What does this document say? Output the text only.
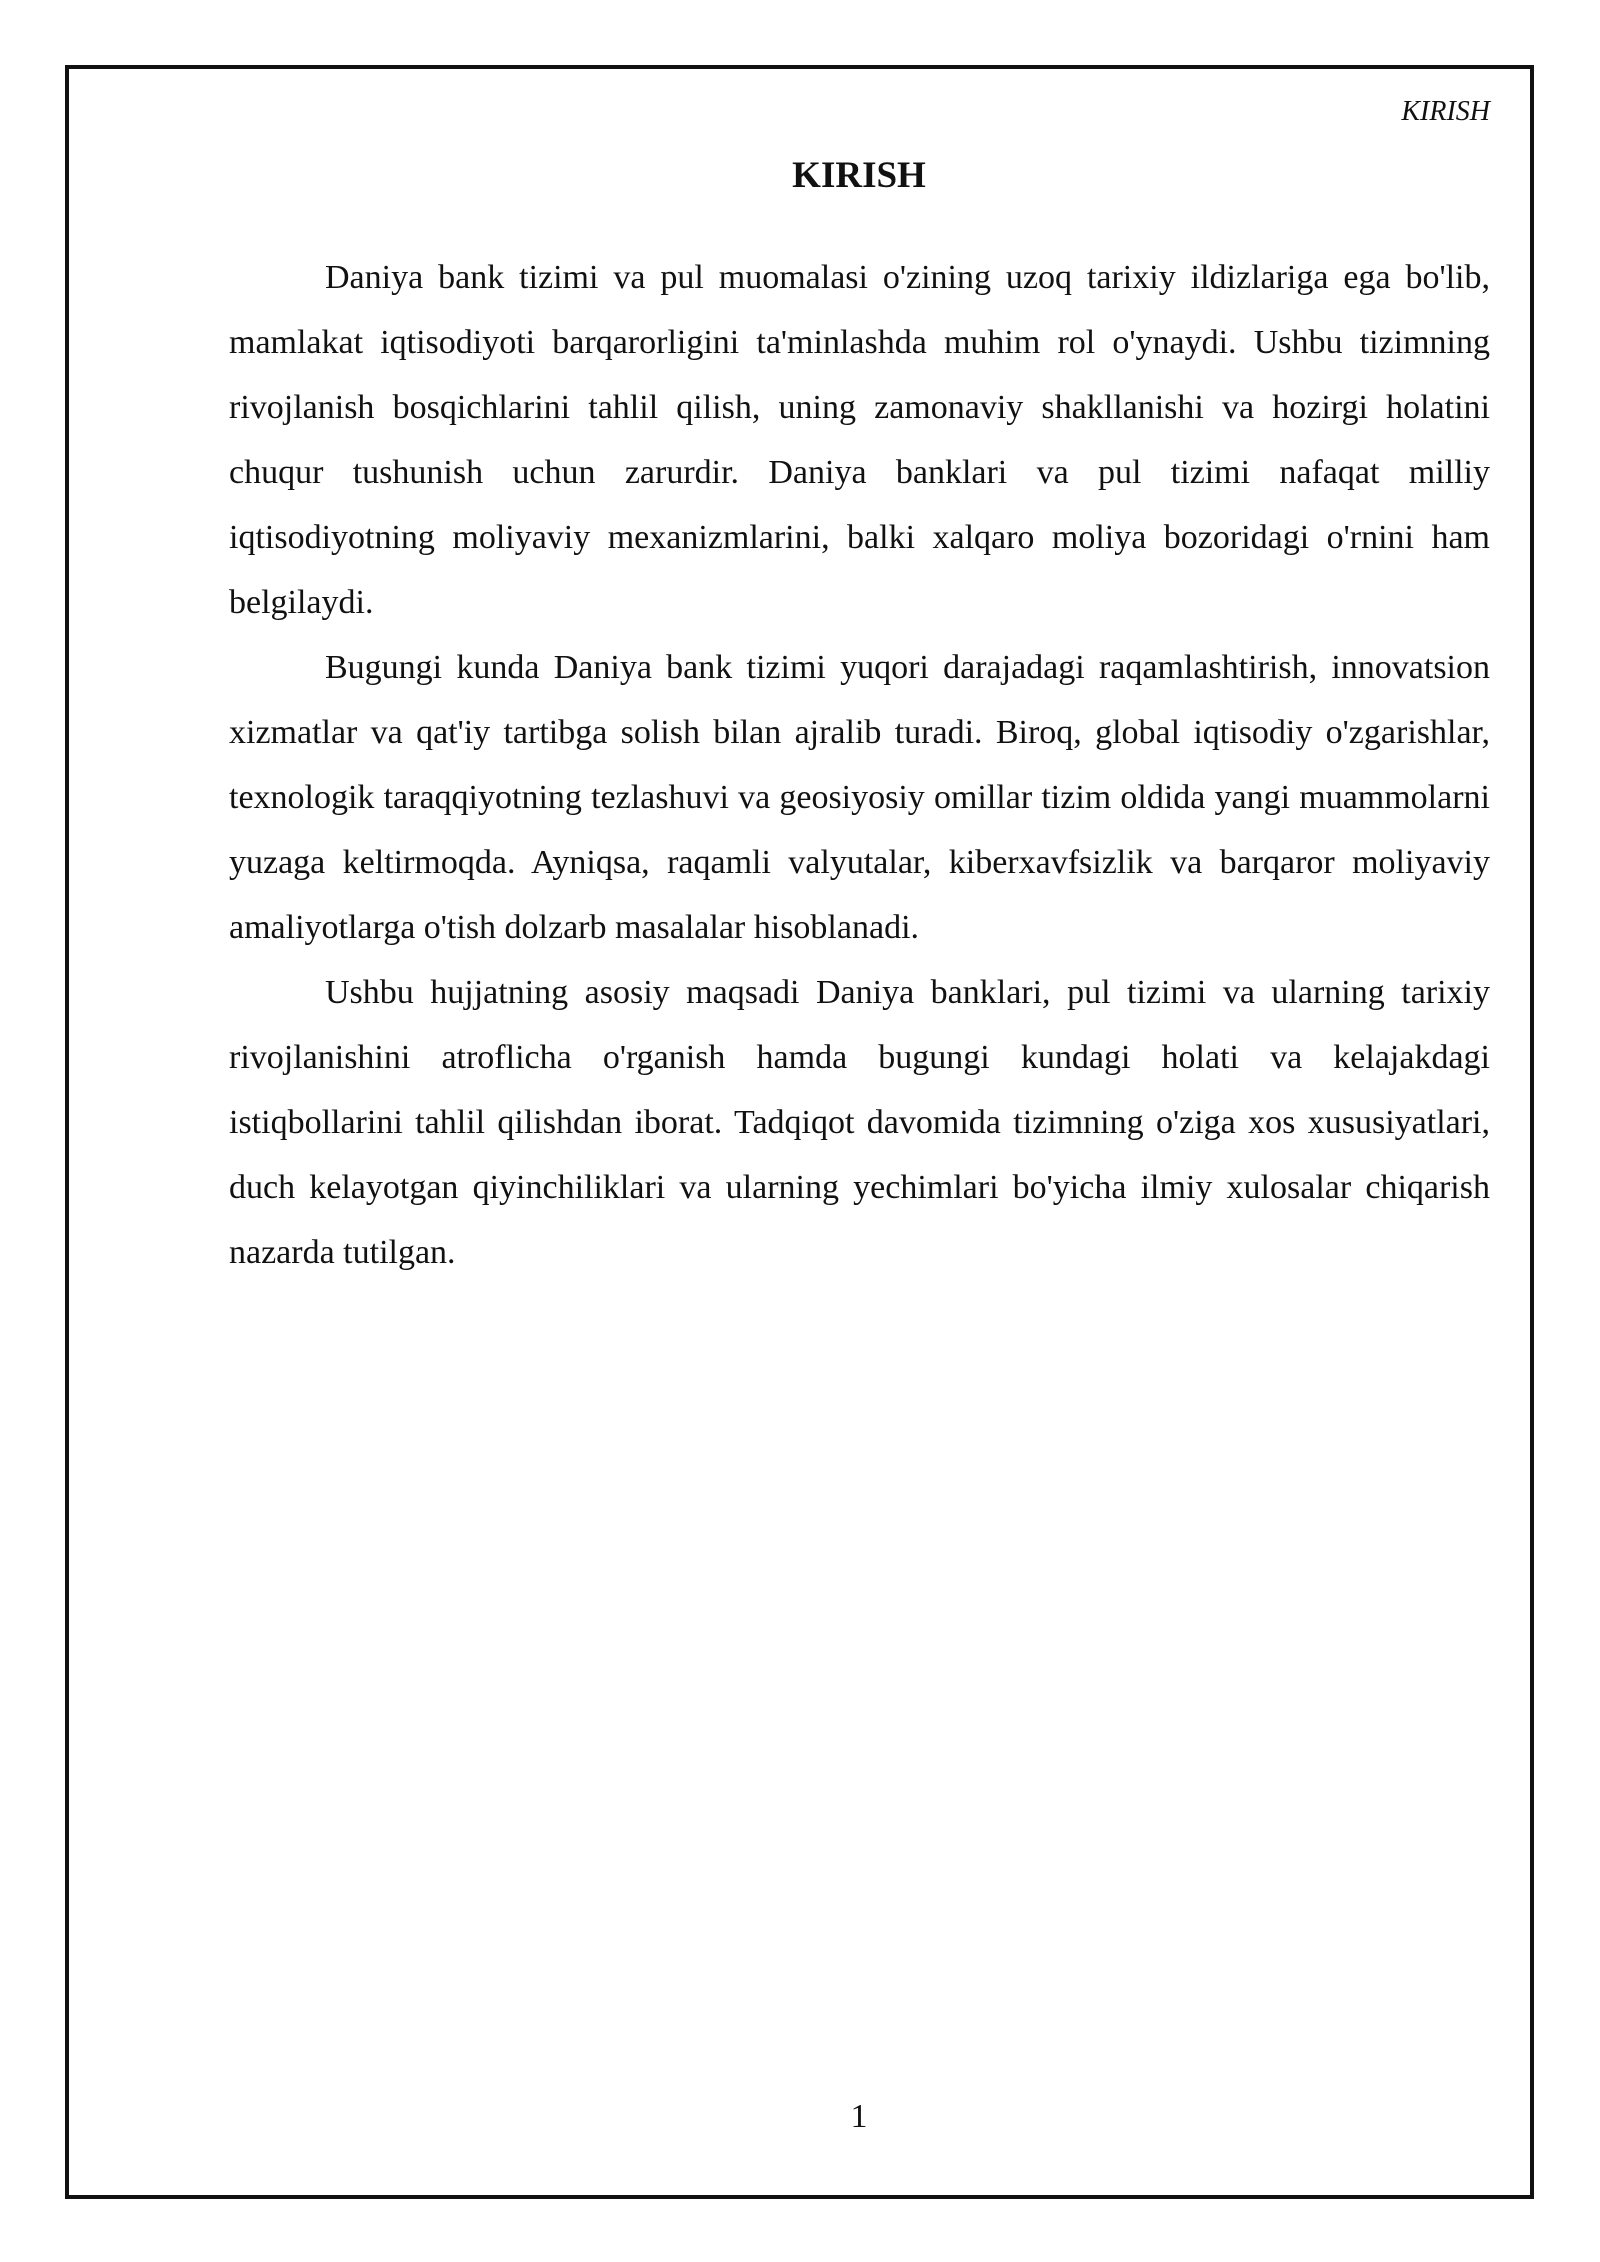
KIRISH
KIRISH

Daniya bank tizimi va pul muomalasi o'zining uzoq tarixiy ildizlariga ega bo'lib, mamlakat iqtisodiyoti barqarorligini ta'minlashda muhim rol o'ynaydi. Ushbu tizimning rivojlanish bosqichlarini tahlil qilish, uning zamonaviy shakllanishi va hozirgi holatini chuqur tushunish uchun zarurdir. Daniya banklari va pul tizimi nafaqat milliy iqtisodiyotning moliyaviy mexanizmlarini, balki xalqaro moliya bozoridagi o'rnini ham belgilaydi.

Bugungi kunda Daniya bank tizimi yuqori darajadagi raqamlashtirish, innovatsion xizmatlar va qat'iy tartibga solish bilan ajralib turadi. Biroq, global iqtisodiy o'zgarishlar, texnologik taraqqiyotning tezlashuvi va geosiyosiy omillar tizim oldida yangi muammolarni yuzaga keltirmoqda. Ayniqsa, raqamli valyutalar, kiberxavfsizlik va barqaror moliyaviy amaliyotlarga o'tish dolzarb masalalar hisoblanadi.

Ushbu hujjatning asosiy maqsadi Daniya banklari, pul tizimi va ularning tarixiy rivojlanishini atroflicha o'rganish hamda bugungi kundagi holati va kelajakdagi istiqbollarini tahlil qilishdan iborat. Tadqiqot davomida tizimning o'ziga xos xususiyatlari, duch kelayotgan qiyinchiliklari va ularning yechimlari bo'yicha ilmiy xulosalar chiqarish nazarda tutilgan.

1
